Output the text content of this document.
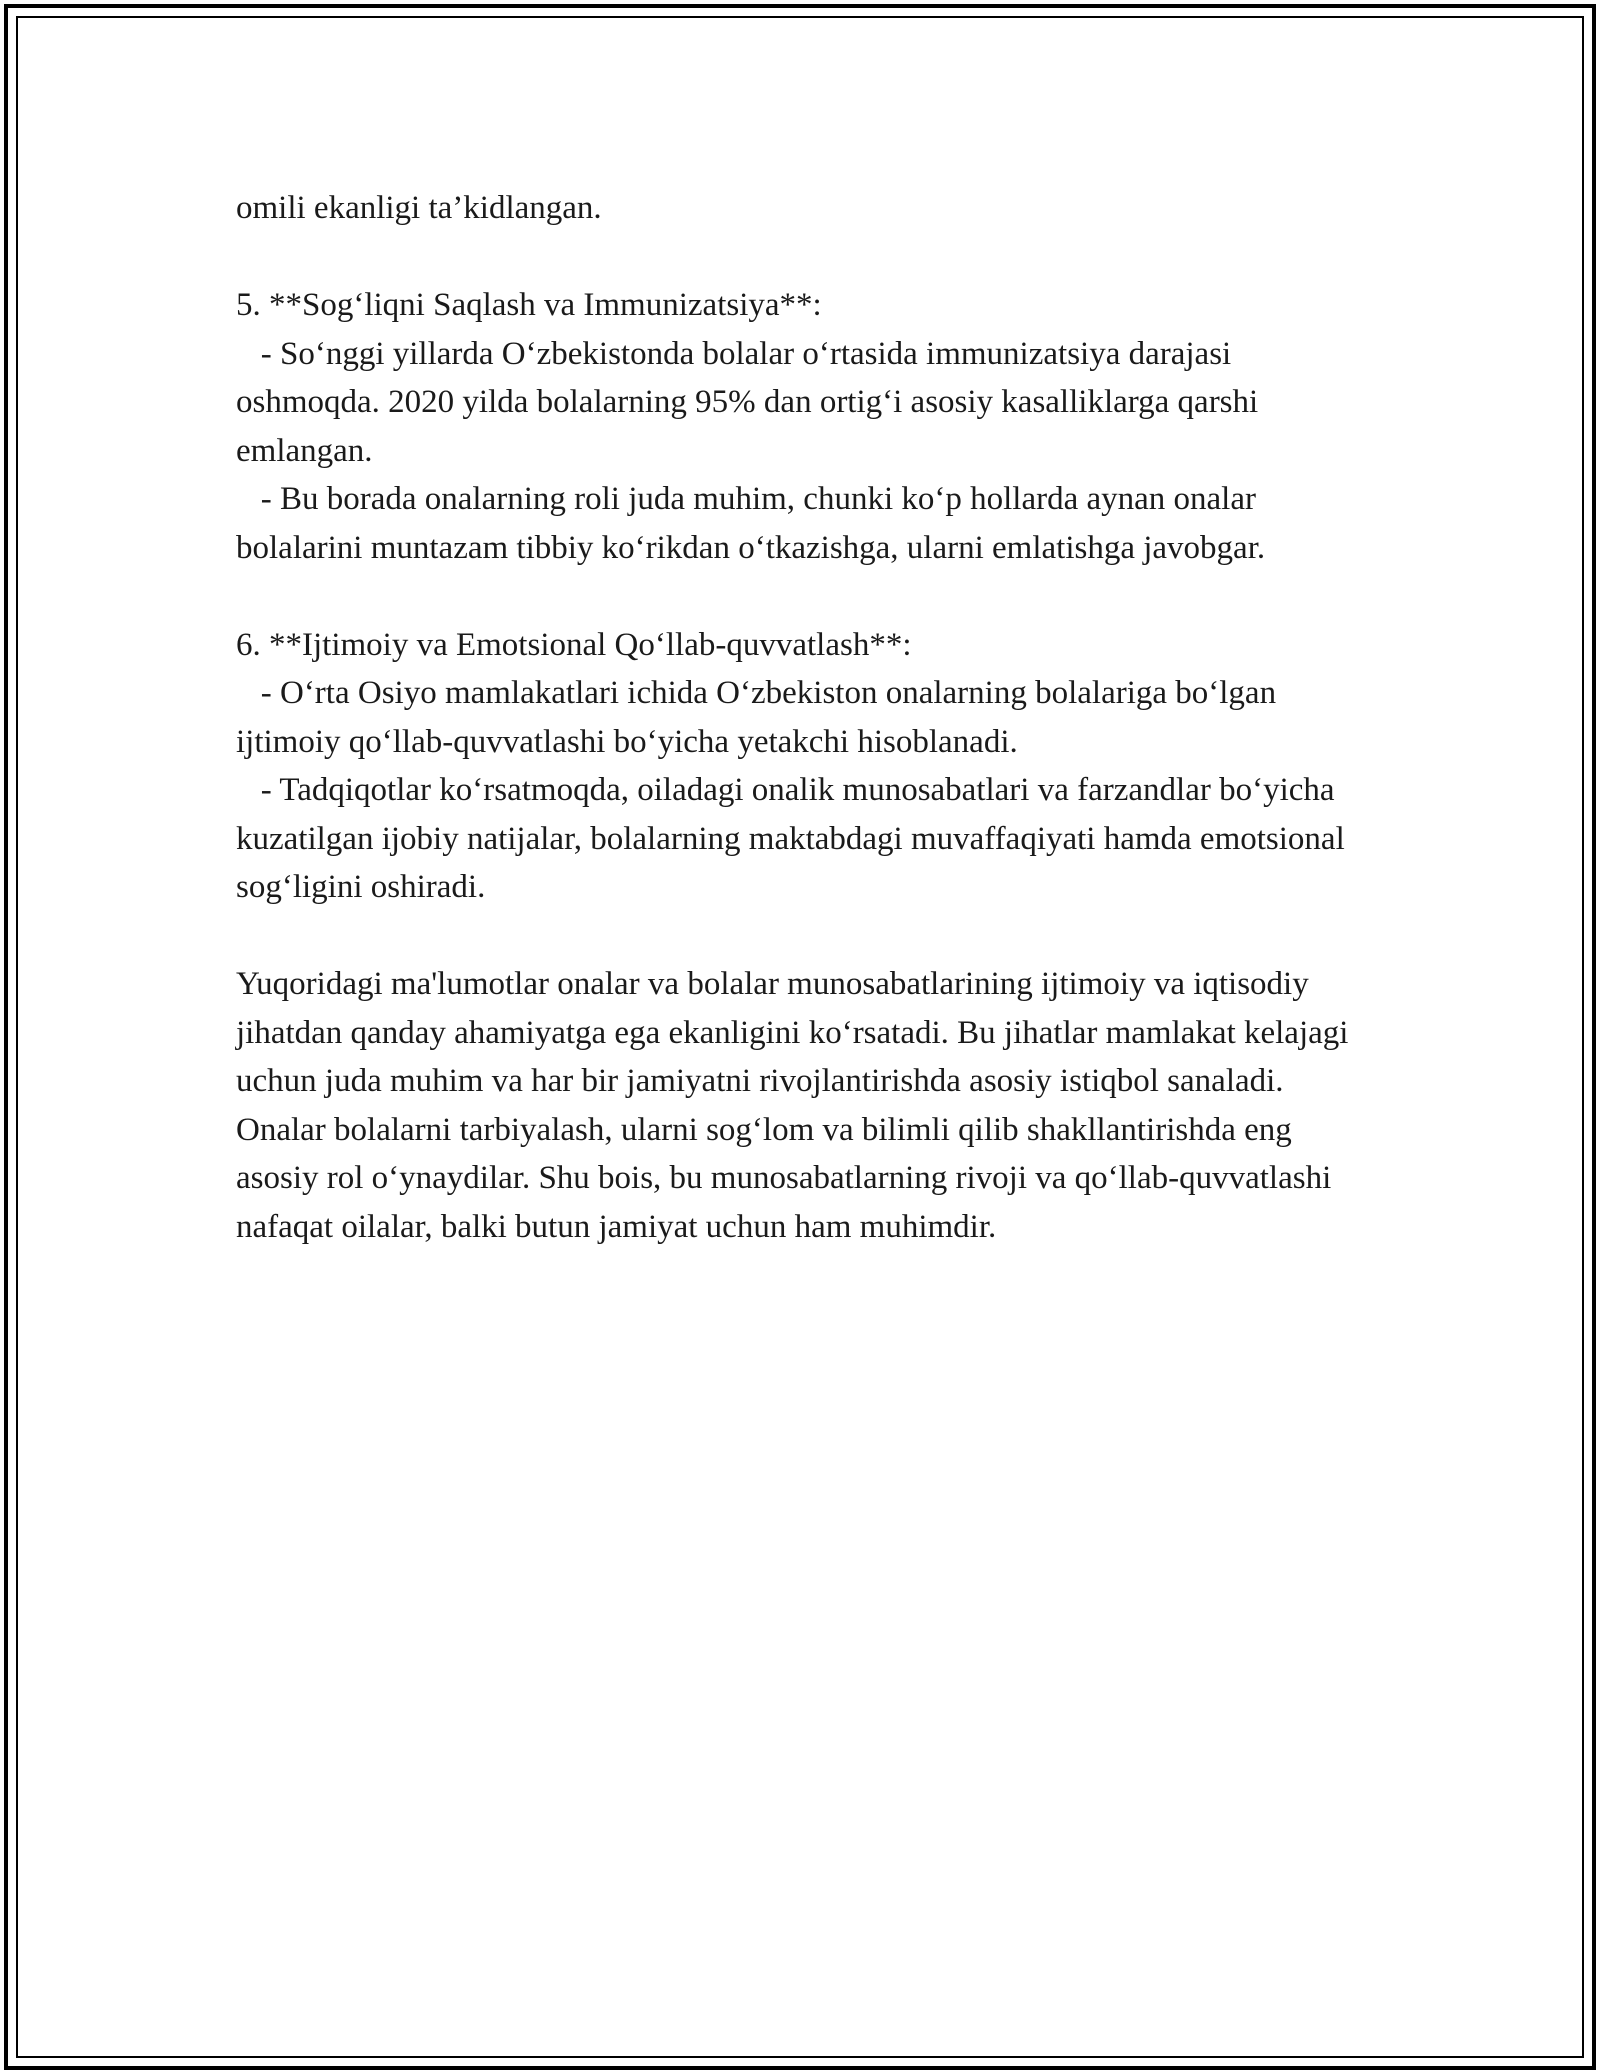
omili ekanligi ta’kidlangan.

5. **Sog‘liqni Saqlash va Immunizatsiya**:

- So‘nggi yillarda O‘zbekistonda bolalar o‘rtasida immunizatsiya darajasi oshmoqda. 2020 yilda bolalarning 95% dan ortig‘i asosiy kasalliklarga qarshi emlangan.

- Bu borada onalarning roli juda muhim, chunki ko‘p hollarda aynan onalar bolalarini muntazam tibbiy ko‘rikdan o‘tkazishga, ularni emlatishga javobgar.

6. **Ijtimoiy va Emotsional Qo‘llab-quvvatlash**:

- O‘rta Osiyo mamlakatlari ichida O‘zbekiston onalarning bolalariga bo‘lgan ijtimoiy qo‘llab-quvvatlashi bo‘yicha yetakchi hisoblanadi.

- Tadqiqotlar ko‘rsatmoqda, oiladagi onalik munosabatlari va farzandlar bo‘yicha kuzatilgan ijobiy natijalar, bolalarning maktabdagi muvaffaqiyati hamda emotsional sog‘ligini oshiradi.

Yuqoridagi ma'lumotlar onalar va bolalar munosabatlarining ijtimoiy va iqtisodiy jihatdan qanday ahamiyatga ega ekanligini ko‘rsatadi. Bu jihatlar mamlakat kelajagi uchun juda muhim va har bir jamiyatni rivojlantirishda asosiy istiqbol sanaladi. Onalar bolalarni tarbiyalash, ularni sog‘lom va bilimli qilib shakllantirishda eng asosiy rol o‘ynaydilar. Shu bois, bu munosabatlarning rivoji va qo‘llab-quvvatlashi nafaqat oilalar, balki butun jamiyat uchun ham muhimdir.
